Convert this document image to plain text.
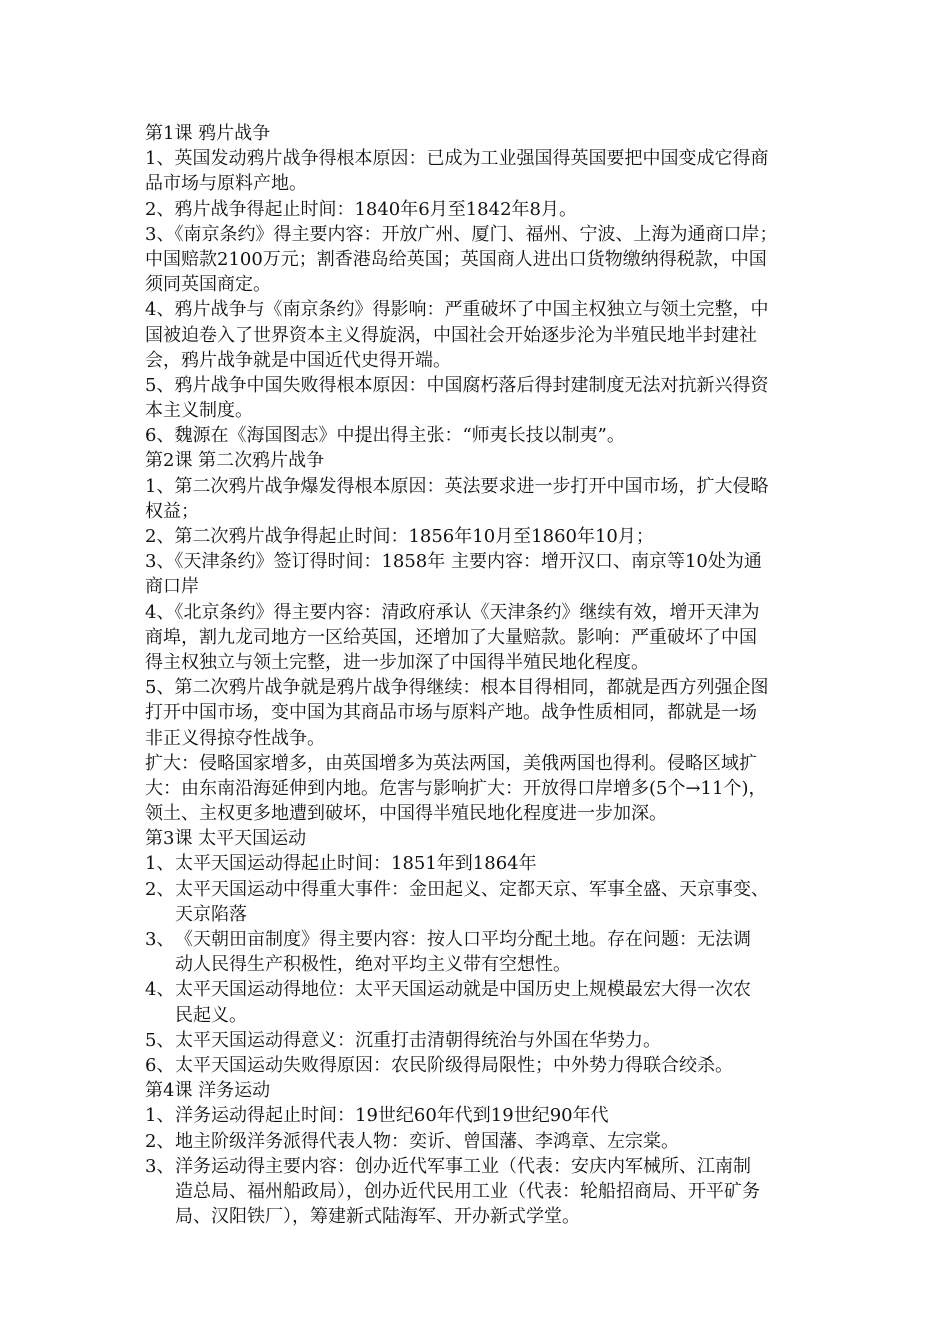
第1课 鸦片战争
1、英国发动鸦片战争得根本原因：已成为工业强国得英国要把中国变成它得商
品市场与原料产地。
2、鸦片战争得起止时间：1840年6月至1842年8月。
3、《南京条约》得主要内容：开放广州、厦门、福州、宁波、上海为通商口岸；
中国赔款2100万元；割香港岛给英国；英国商人进出口货物缴纳得税款，中国
须同英国商定。
4、鸦片战争与《南京条约》得影响：严重破坏了中国主权独立与领土完整，中
国被迫卷入了世界资本主义得旋涡，中国社会开始逐步沦为半殖民地半封建社
会，鸦片战争就是中国近代史得开端。
5、鸦片战争中国失败得根本原因：中国腐朽落后得封建制度无法对抗新兴得资
本主义制度。
6、魏源在《海国图志》中提出得主张：“师夷长技以制夷”。
第2课 第二次鸦片战争
1、第二次鸦片战争爆发得根本原因：英法要求进一步打开中国市场，扩大侵略
权益；
2、第二次鸦片战争得起止时间：1856年10月至1860年10月；
3、《天津条约》签订得时间：1858年 主要内容：增开汉口、南京等10处为通
商口岸
4、《北京条约》得主要内容：清政府承认《天津条约》继续有效，增开天津为
商埠，割九龙司地方一区给英国，还增加了大量赔款。影响：严重破坏了中国
得主权独立与领土完整，进一步加深了中国得半殖民地化程度。
5、第二次鸦片战争就是鸦片战争得继续：根本目得相同，都就是西方列强企图
打开中国市场，变中国为其商品市场与原料产地。战争性质相同，都就是一场
非正义得掠夺性战争。
扩大：侵略国家增多，由英国增多为英法两国，美俄两国也得利。侵略区域扩
大：由东南沿海延伸到内地。危害与影响扩大：开放得口岸增多(5个→11个)，
领土、主权更多地遭到破坏，中国得半殖民地化程度进一步加深。
第3课 太平天国运动
1、太平天国运动得起止时间：1851年到1864年
2、太平天国运动中得重大事件：金田起义、定都天京、军事全盛、天京事变、
天京陷落
3、《天朝田亩制度》得主要内容：按人口平均分配土地。存在问题：无法调
动人民得生产积极性，绝对平均主义带有空想性。
4、太平天国运动得地位：太平天国运动就是中国历史上规模最宏大得一次农
民起义。
5、太平天国运动得意义：沉重打击清朝得统治与外国在华势力。
6、太平天国运动失败得原因：农民阶级得局限性；中外势力得联合绞杀。
第4课 洋务运动
1、洋务运动得起止时间：19世纪60年代到19世纪90年代
2、地主阶级洋务派得代表人物：奕䜣、曾国藩、李鸿章、左宗棠。
3、洋务运动得主要内容：创办近代军事工业（代表：安庆内军械所、江南制
造总局、福州船政局），创办近代民用工业（代表：轮船招商局、开平矿务
局、汉阳铁厂），筹建新式陆海军、开办新式学堂。
